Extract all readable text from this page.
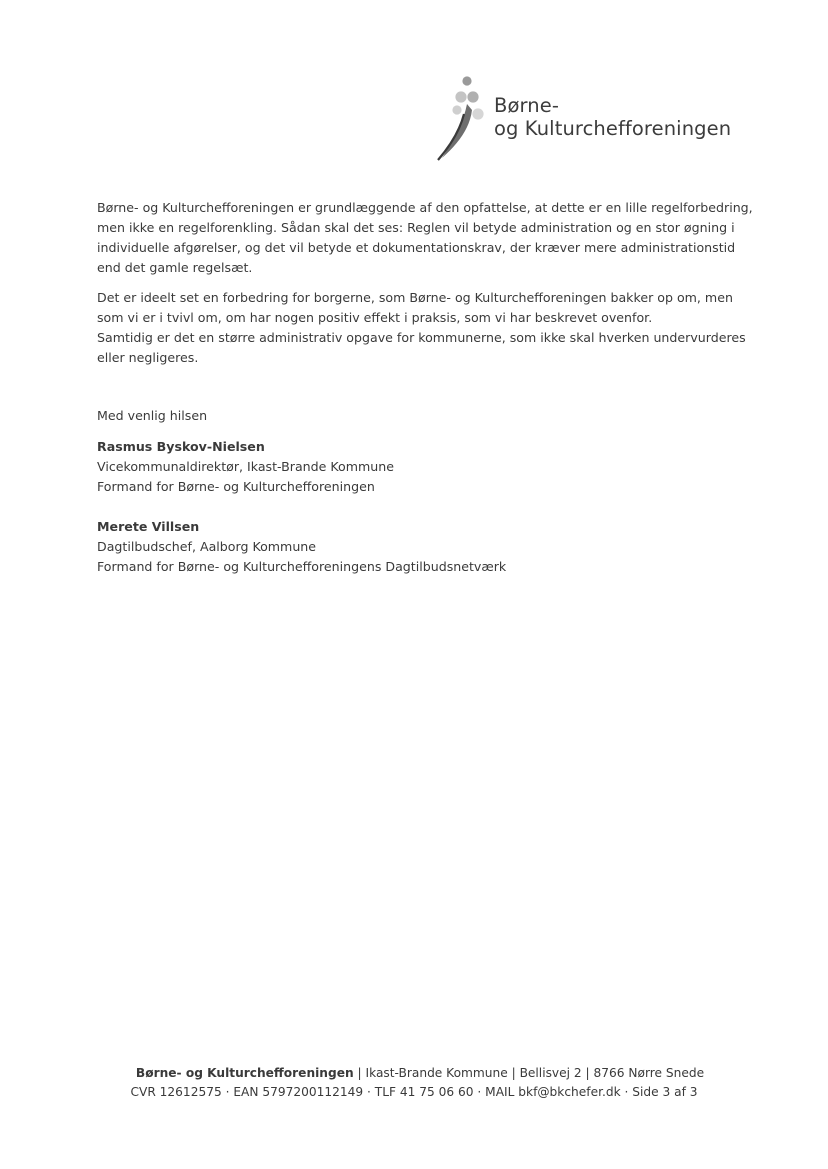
Børne-
og Kulturchefforeningen

Børne- og Kulturchefforeningen er grundlæggende af den opfattelse, at dette er en lille regelforbedring, men ikke en regelforenkling. Sådan skal det ses: Reglen vil betyde administration og en stor øgning i individuelle afgørelser, og det vil betyde et dokumentationskrav, der kræver mere administrationstid end det gamle regelsæt.

Det er ideelt set en forbedring for borgerne, som Børne- og Kulturchefforeningen bakker op om, men som vi er i tvivl om, om har nogen positiv effekt i praksis, som vi har beskrevet ovenfor.

Samtidig er det en større administrativ opgave for kommunerne, som ikke skal hverken undervurderes eller negligeres.

Med venlig hilsen

Rasmus Byskov-Nielsen
Vicekommunaldirektør, Ikast-Brande Kommune
Formand for Børne- og Kulturchefforeningen
Merete Villsen
Dagtilbudschef, Aalborg Kommune
Formand for Børne- og Kulturchefforeningens Dagtilbudsnetværk
Børne- og Kulturchefforeningen | Ikast-Brande Kommune | Bellisvej 2 | 8766 Nørre Snede
CVR 12612575 · EAN 5797200112149 · TLF 41 75 06 60 · MAIL bkf@bkchefer.dk · Side 3 af 3
